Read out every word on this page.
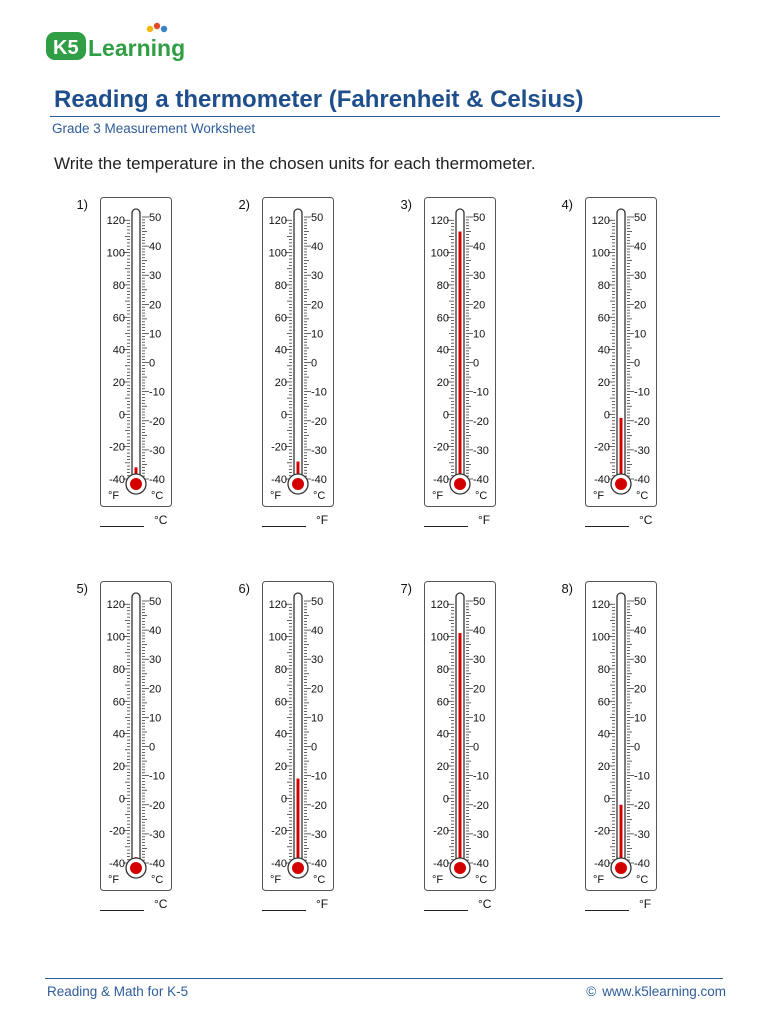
K5 Learning
Reading a thermometer (Fahrenheit & Celsius)
Grade 3 Measurement Worksheet
Write the temperature in the chosen units for each thermometer.
1)
50
40
30
20
10
0
-10
-20
-30
-40
120
100
80
60
40
20
0
-20
-40
°F	°C
°C
2)
50
40
30
20
10
0
-10
-20
-30
-40
120
100
80
60
40
20
0
-20
-40
°F	°C
°F
3)
50
40
30
20
10
0
-10
-20
-30
-40
120
100
80
60
40
20
0
-20
-40
°F	°C
°F
4)
50
40
30
20
10
0
-10
-20
-30
-40
120
100
80
60
40
20
0
-20
-40
°F	°C
°C
5)
50
40
30
20
10
0
-10
-20
-30
-40
120
100
80
60
40
20
0
-20
-40
°F	°C
°C
6)
50
40
30
20
10
0
-10
-20
-30
-40
120
100
80
60
40
20
0
-20
-40
°F	°C
°F
7)
50
40
30
20
10
0
-10
-20
-30
-40
120
100
80
60
40
20
0
-20
-40
°F	°C
°C
8)
50
40
30
20
10
0
-10
-20
-30
-40
120
100
80
60
40
20
0
-20
-40
°F	°C
°F
Reading & Math for K-5	© www.k5learning.com
